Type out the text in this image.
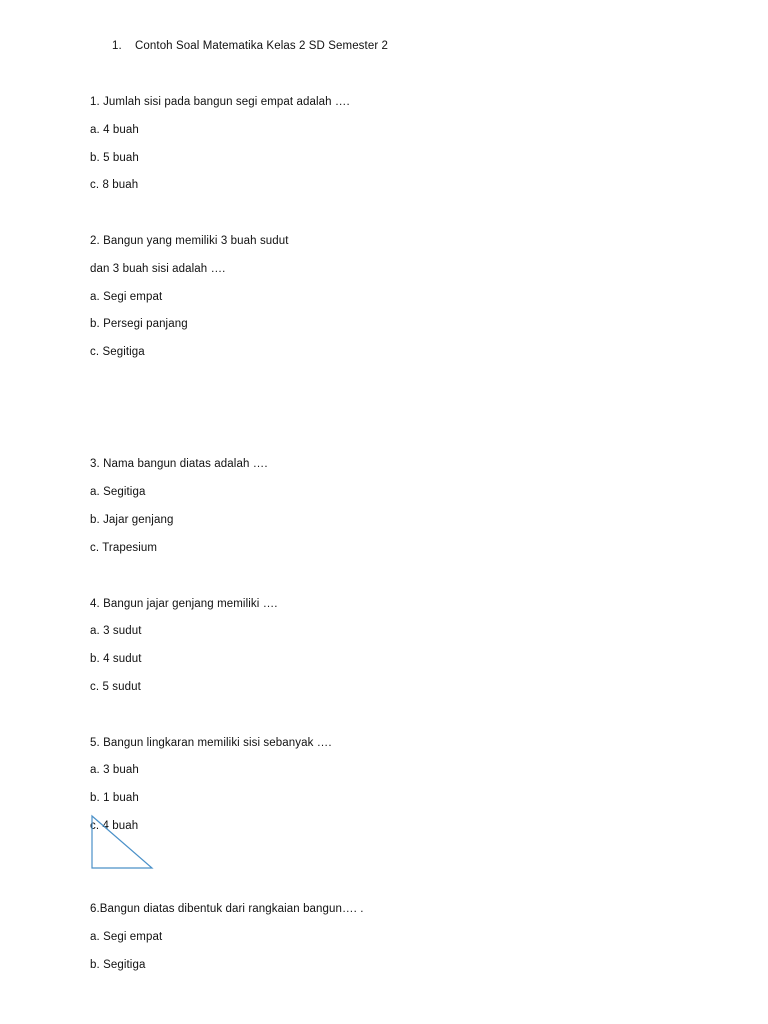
1. Contoh Soal Matematika Kelas 2 SD Semester 2
1. Jumlah sisi pada bangun segi empat adalah ….
a. 4 buah
b. 5 buah
c. 8 buah
2. Bangun yang memiliki 3 buah sudut
dan 3 buah sisi adalah ….
a. Segi empat
b. Persegi panjang
c. Segitiga
3. Nama bangun diatas adalah ….
a. Segitiga
b. Jajar genjang
c. Trapesium
4. Bangun jajar genjang memiliki ….
a. 3 sudut
b. 4 sudut
c. 5 sudut
5. Bangun lingkaran memiliki sisi sebanyak ….
a. 3 buah
b. 1 buah
c. 4 buah
6.Bangun diatas dibentuk dari rangkaian bangun…. .
a. Segi empat
b. Segitiga
